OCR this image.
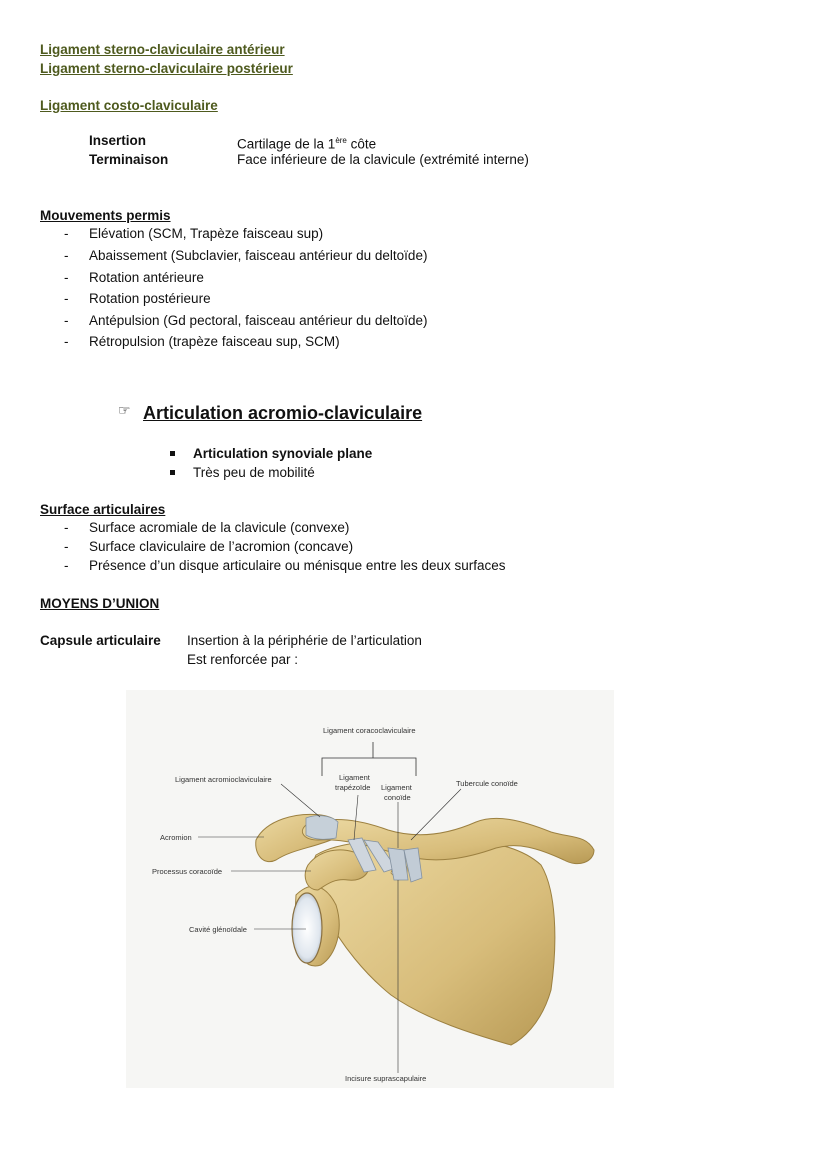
Ligament sterno-claviculaire antérieur
Ligament sterno-claviculaire postérieur
Ligament costo-claviculaire
Insertion	Cartilage de la 1ère côte
Terminaison	Face inférieure de la clavicule (extrémité interne)
Mouvements permis
- Elévation (SCM, Trapèze faisceau sup)
- Abaissement (Subclavier, faisceau antérieur du deltoïde)
- Rotation antérieure
- Rotation postérieure
- Antépulsion (Gd pectoral, faisceau antérieur du deltoïde)
- Rétropulsion (trapèze faisceau sup, SCM)
☞ Articulation acromio-claviculaire
Articulation synoviale plane
Très peu de mobilité
Surface articulaires
- Surface acromiale de la clavicule (convexe)
- Surface claviculaire de l’acromion (concave)
- Présence d’un disque articulaire ou ménisque entre les deux surfaces
MOYENS D’UNION
Capsule articulaire Insertion à la périphérie de l’articulation
Est renforcée par :
Ligament coracoclaviculaire
Ligament acromioclaviculaire	Ligament
trapézoïde Ligament
conoïde
Tubercule conoïde
Acromion
Processus coracoïde
Cavité glénoïdale
Incisure suprascapulaire
